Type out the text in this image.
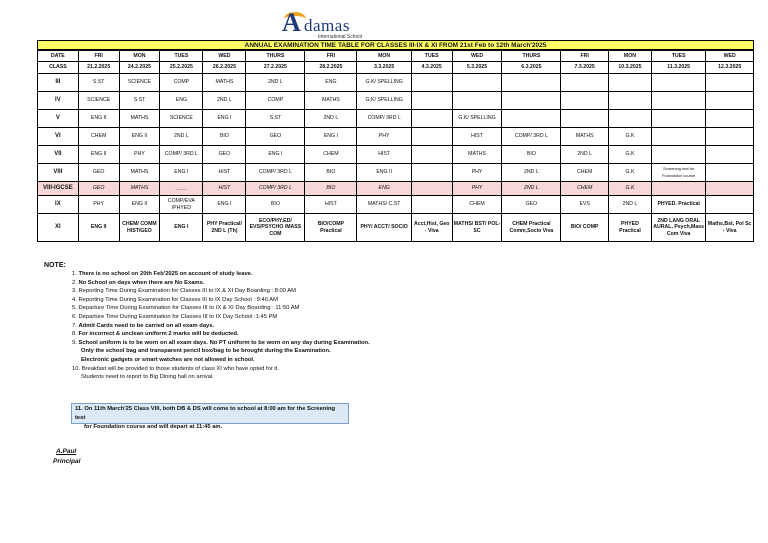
A damas
International School
ANNUAL EXAMINATION TIME TABLE FOR CLASSES III-IX & XI FROM 21st Feb to 12th March'2025
DATE	FRI	MON	TUES	WED	THURS	FRI	MON	TUES	WED	THURS	FRI	MON	TUES	WED
CLASS	21.2.2025	24.2.2025	25.2.2025	26.2.2025	27.2.2025	28.2.2025	3.3.2025	4.3.2025	5.3.2025	6.3.2025	7.3.2025	10.3.2025	11.3.2025	12.3.2025
III	S.ST	SCIENCE	COMP	MATHS	2ND L	ENG	G.K/ SPELLING							
IV	SCIENCE	S.ST	ENG	2ND L	COMP	MATHS	G.K/ SPELLING							
V	ENG II	MATHS	SCIENCE	ENG I	S.ST	2ND L	COMP/ 3RD L		G.K/ SPELLING					
VI	CHEM	ENG II	2ND L	BIO	GEO	ENG I	PHY		HIST	COMP/ 3RD L	MATHS	G.K		
VII	ENG II	PHY	COMP/ 3RD L	GEO	ENG I	CHEM	HIST		MATHS	BIO	2ND L	G.K		
VIII	GEO	MATHS	ENG I	HIST	COMP/ 3RD L	BIO	ENG II		PHY	2ND L	CHEM	G.K	Screening test for Foundation course	
VIII-IGCSE	GEO	MATHS	____	HIST	COMP/ 3RD L	BIO	ENG		PHY	2ND L	CHEM	G.K		
IX	PHY	ENG II	COMP/EVA /PHYED	ENG I	BIO	HIST	MATHS/ C.ST		CHEM	GEO	EVS	2ND L	PHYED. Practical	
XI	ENG II	CHEM/ COMM HIST/GEO	ENG I	PHY Practical/ 2ND L (Th)	ECO/PHY.ED/ EVS/PSYCHO /MASS COM	BIO/COMP Practical	PHY/ ACCT/ SOCIO	Acct,Hist, Geo - Viva	MATHS/ BST/ POL-SC	CHEM Practical Comm,Socio Viva	BIO/ COMP	PHYED Practical	2ND LANG ORAL AURAL, Psych,Mass Com Viva	Maths,Bst, Pol Sc - Viva
NOTE:
1. There is no school on 20th Feb'2025 on account of study leave.
2. No School on days when there are No Exams.
3. Reporting Time During Examination for Classes III to IX & XI Day Boarding : 8:00 AM
4. Reporting Time During Examination for Classes III to IX Day School : 9:40 AM
5. Departure Time During Examination for Classes III to IX & XI Day Boarding : 11:50 AM
6. Departure Time During Examination for Classes III to IX Day School :1:45 PM
7. Admit Cards need to be carried on all exam days.
8. For incorrect & unclean uniform 2 marks will be deducted.
9. School uniform is to be worn on all exam days. No PT uniform to be worn on any day during Examination.
Only the school bag and transparent pencil box/bag to be brought during the Examination.
Electronic gadgets or smart watches are not allowed in school.
10. Breakfast will be provided to those students of class XI who have opted for it.
Students need to report to Big Dining hall on arrival.
11. On 11th March'25 Class VIII, both DB & DS will come to school at 8:00 am for the Screening test
for Foundation course and will depart at 11:45 am.
A.Paul
Principal
